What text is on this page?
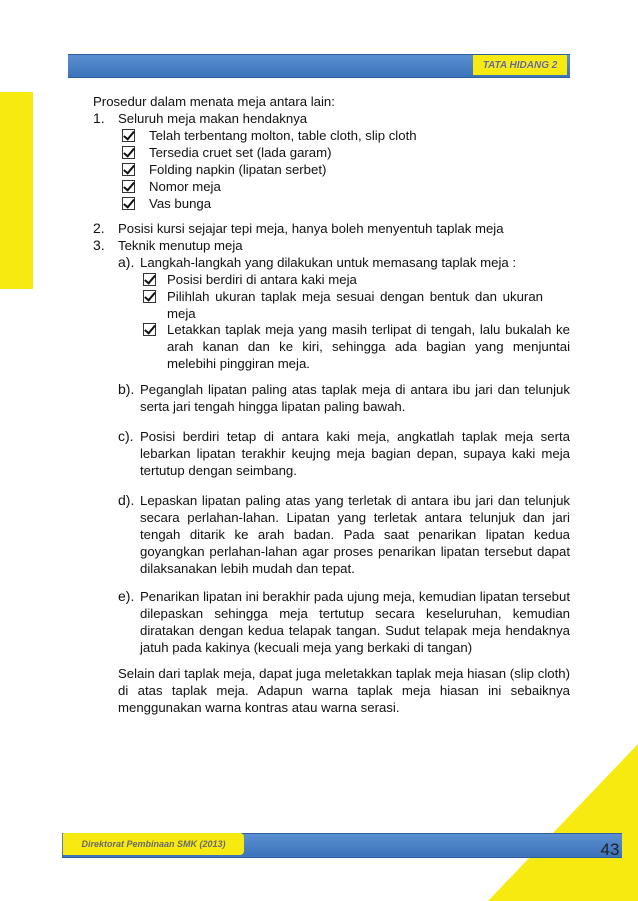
TATA HIDANG 2
Prosedur dalam menata meja antara lain:
1. Seluruh meja makan hendaknya
Telah terbentang molton, table cloth, slip cloth
Tersedia cruet set (lada garam)
Folding napkin (lipatan serbet)
Nomor meja
Vas bunga
2. Posisi kursi sejajar tepi meja, hanya boleh menyentuh taplak meja
3. Teknik menutup meja
a). Langkah-langkah yang dilakukan untuk memasang taplak meja :
Posisi berdiri di antara kaki meja
Pilihlah ukuran taplak meja sesuai dengan bentuk dan ukuran meja
Letakkan taplak meja yang masih terlipat di tengah, lalu bukalah ke arah kanan dan ke kiri, sehingga ada bagian yang menjuntai melebihi pinggiran meja.
b). Peganglah lipatan paling atas taplak meja di antara ibu jari dan telunjuk serta jari tengah hingga lipatan paling bawah.
c). Posisi berdiri tetap di antara kaki meja, angkatlah taplak meja serta lebarkan lipatan terakhir keujng meja bagian depan, supaya kaki meja tertutup dengan seimbang.
d). Lepaskan lipatan paling atas yang terletak di antara ibu jari dan telunjuk secara perlahan-lahan. Lipatan yang terletak antara telunjuk dan jari tengah ditarik ke arah badan. Pada saat penarikan lipatan kedua goyangkan perlahan-lahan agar proses penarikan lipatan tersebut dapat dilaksanakan lebih mudah dan tepat.
e). Penarikan lipatan ini berakhir pada ujung meja, kemudian lipatan tersebut dilepaskan sehingga meja tertutup secara keseluruhan, kemudian diratakan dengan kedua telapak tangan. Sudut telapak meja hendaknya jatuh pada kakinya (kecuali meja yang berkaki di tangan)
Selain dari taplak meja, dapat juga meletakkan taplak meja hiasan (slip cloth) di atas taplak meja. Adapun warna taplak meja hiasan ini sebaiknya menggunakan warna kontras atau warna serasi.
Direktorat Pembinaan SMK (2013)	43
